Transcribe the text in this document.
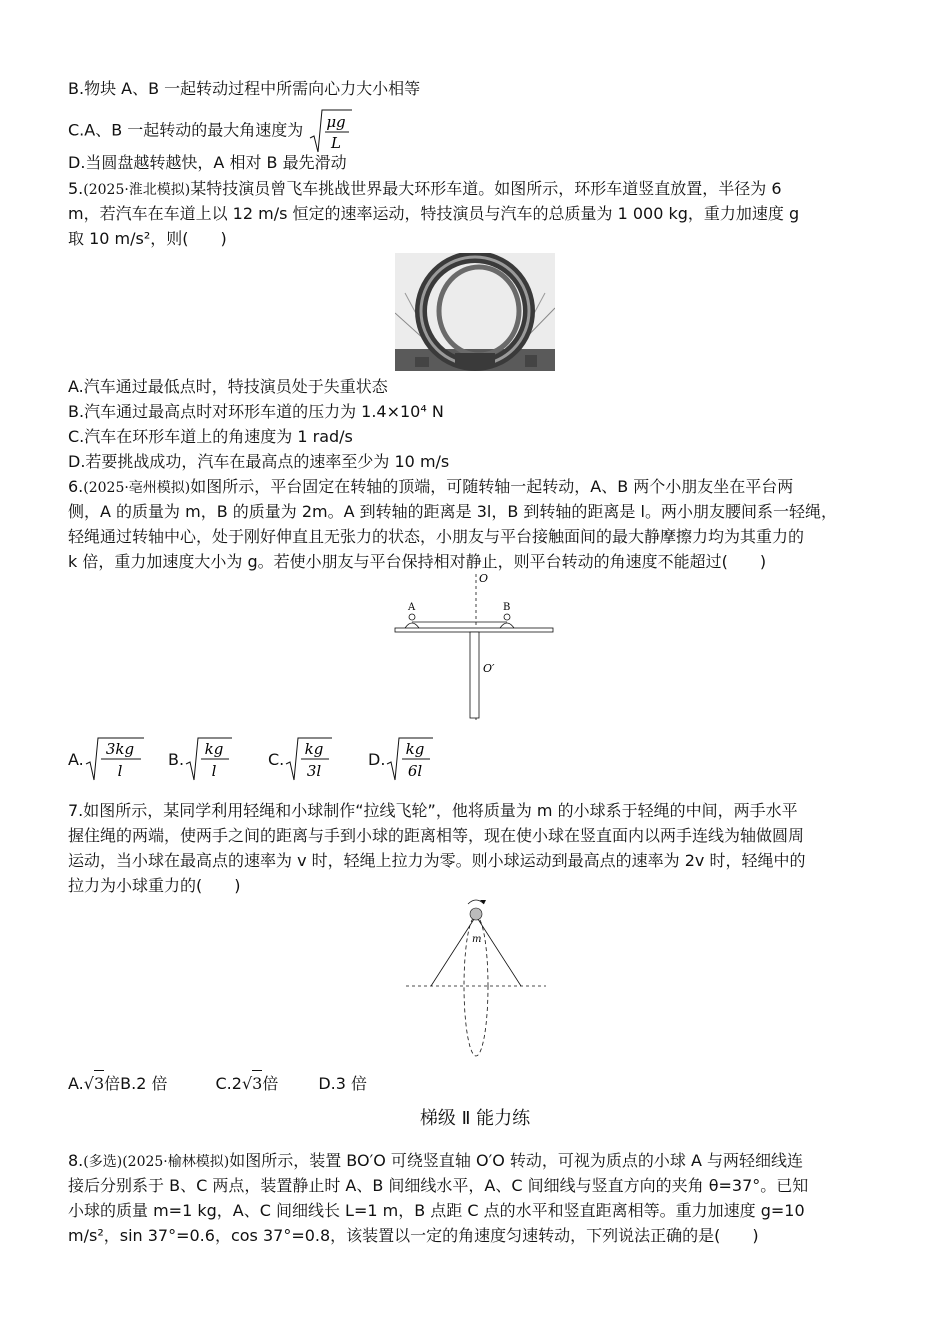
B.物块 A、B 一起转动过程中所需向心力大小相等
C.A、B 一起转动的最大角速度为 μg
L
D.当圆盘越转越快，A 相对 B 最先滑动
5.(2025·淮北模拟)某特技演员曾飞车挑战世界最大环形车道。如图所示，环形车道竖直放置，半径为 6
m，若汽车在车道上以 12 m/s 恒定的速率运动，特技演员与汽车的总质量为 1 000 kg，重力加速度 g
取 10 m/s²，则(　　)
A.汽车通过最低点时，特技演员处于失重状态
B.汽车通过最高点时对环形车道的压力为 1.4×10⁴ N
C.汽车在环形车道上的角速度为 1 rad/s
D.若要挑战成功，汽车在最高点的速率至少为 10 m/s
6.(2025·亳州模拟)如图所示，平台固定在转轴的顶端，可随转轴一起转动，A、B 两个小朋友坐在平台两
侧，A 的质量为 m，B 的质量为 2m。A 到转轴的距离是 3l，B 到转轴的距离是 l。两小朋友腰间系一轻绳，
轻绳通过转轴中心，处于刚好伸直且无张力的状态，小朋友与平台接触面间的最大静摩擦力均为其重力的
k 倍，重力加速度大小为 g。若使小朋友与平台保持相对静止，则平台转动的角速度不能超过(　　)
O
O′
A	B
A.
3kg
l
B.
kg
l
C.
kg
3l
D.
kg
6l
7.如图所示，某同学利用轻绳和小球制作“拉线飞轮”，他将质量为 m 的小球系于轻绳的中间，两手水平
握住绳的两端，使两手之间的距离与手到小球的距离相等，现在使小球在竖直面内以两手连线为轴做圆周
运动，当小球在最高点的速率为 v 时，轻绳上拉力为零。则小球运动到最高点的速率为 2v 时，轻绳中的
拉力为小球重力的(　　)
m
A. √ 3 倍 B.2 倍	C.2 √ 3 倍	D.3 倍
梯级 Ⅱ 能力练
8.(多选)(2025·榆林模拟)如图所示，装置 BO′O 可绕竖直轴 O′O 转动，可视为质点的小球 A 与两轻细线连
接后分别系于 B、C 两点，装置静止时 A、B 间细线水平，A、C 间细线与竖直方向的夹角 θ=37°。已知
小球的质量 m=1 kg，A、C 间细线长 L=1 m，B 点距 C 点的水平和竖直距离相等。重力加速度 g=10
m/s²，sin 37°=0.6，cos 37°=0.8，该装置以一定的角速度匀速转动，下列说法正确的是(　　)
